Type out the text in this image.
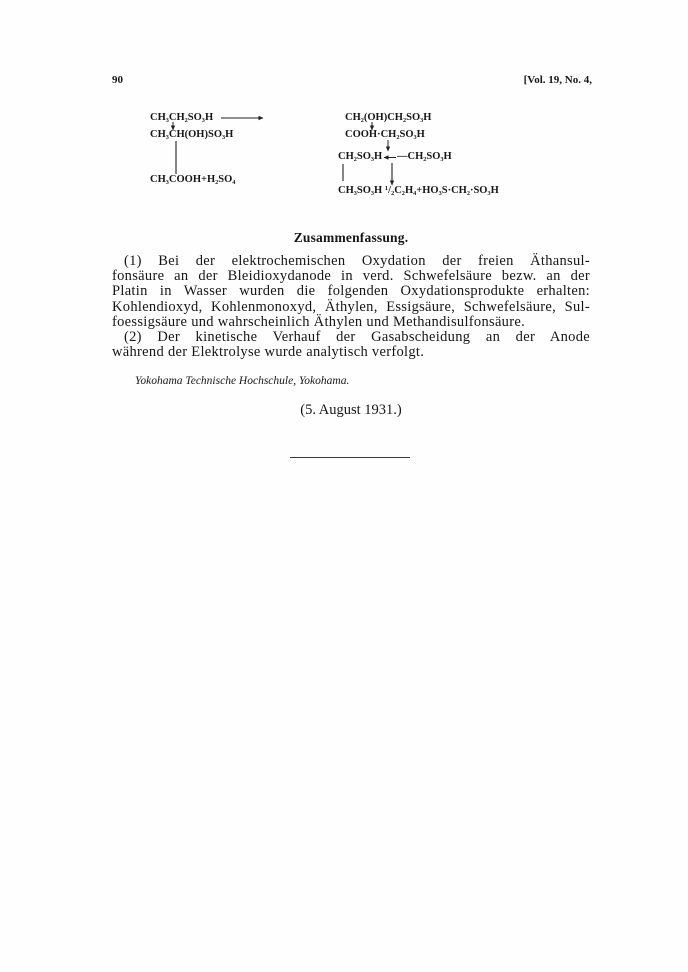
90	[Vol. 19, No. 4,
CH₃CH₂SO₃H
CH₃CH(OH)SO₃H
CH₃COOH+H₂SO₄
CH₂(OH)CH₂SO₃H
COOH·CH₂SO₃H
CH₂SO₃H —CH₂SO₃H
CH₃SO₃H ¹/₂C₂H₄+HO₃S·CH₂·SO₃H
Zusammenfassung.
(1) Bei der elektrochemischen Oxydation der freien Äthansul-
fonsäure an der Bleidioxydanode in verd. Schwefelsäure bezw. an der
Platin in Wasser wurden die folgenden Oxydationsprodukte erhalten:
Kohlendioxyd, Kohlenmonoxyd, Äthylen, Essigsäure, Schwefelsäure, Sul-
foessigsäure und wahrscheinlich Äthylen und Methandisulfonsäure.
(2) Der kinetische Verhauf der Gasabscheidung an der Anode
während der Elektrolyse wurde analytisch verfolgt.
Yokohama Technische Hochschule, Yokohama.
(5. August 1931.)
